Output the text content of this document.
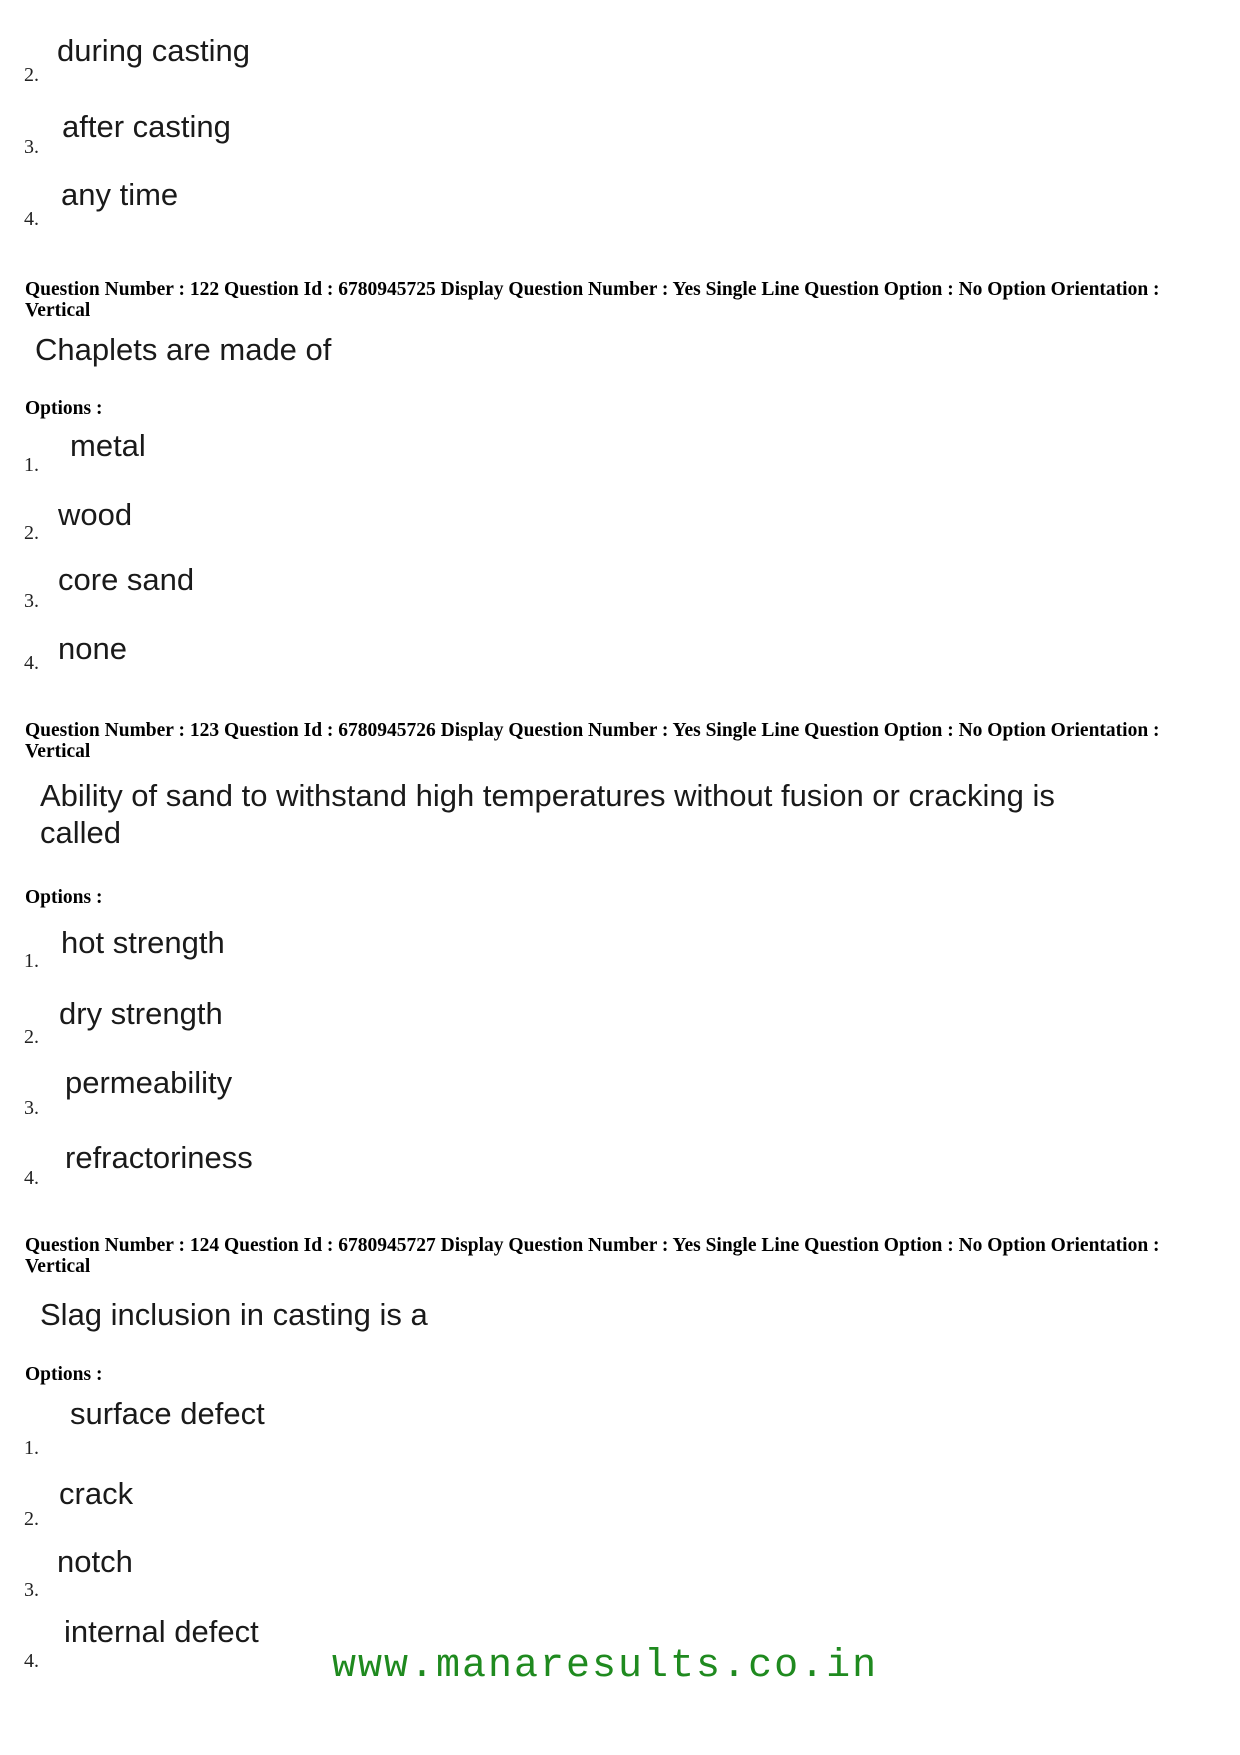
2.
during casting
3.
after casting
4.
any time
Question Number : 122 Question Id : 6780945725 Display Question Number : Yes Single Line Question Option : No Option Orientation : Vertical
Chaplets are made of
Options :
1.
metal
2.
wood
3.
core sand
4. none
Question Number : 123 Question Id : 6780945726 Display Question Number : Yes Single Line Question Option : No Option Orientation : Vertical
Ability of sand to withstand high temperatures without fusion or cracking is called
Options :
1.
hot strength
2.
dry strength
3.
permeability
4.
refractoriness
Question Number : 124 Question Id : 6780945727 Display Question Number : Yes Single Line Question Option : No Option Orientation : Vertical
Slag inclusion in casting is a
Options :
1.
surface defect
2.
crack
3.
notch
4.
internal defect
www.manaresults.co.in
